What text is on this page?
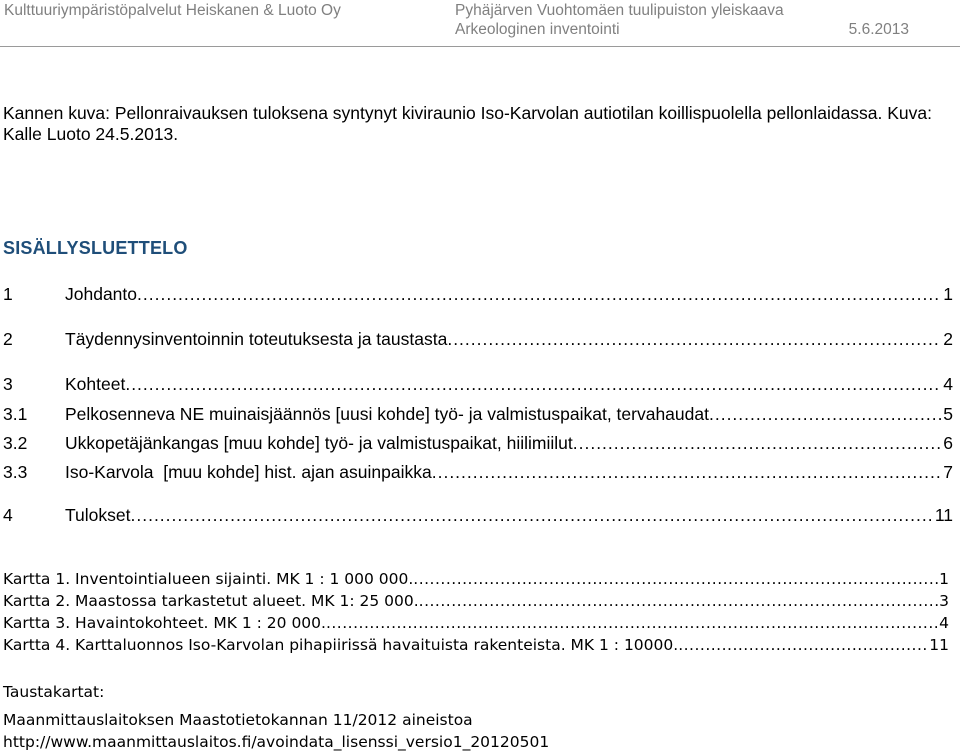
Kulttuuriympäristöpalvelut Heiskanen & Luoto Oy	Pyhäjärven Vuohtomäen tuulipuiston yleiskaava
Arkeologinen inventointi	5.6.2013
Kannen kuva: Pellonraivauksen tuloksena syntynyt kiviraunio Iso-Karvolan autiotilan koillispuolella pellonlaidassa. Kuva: Kalle Luoto 24.5.2013.
SISÄLLYSLUETTELO
1	Johdanto .....	1
2	Täydennysinventoinnin toteutuksesta ja taustasta .....	2
3	Kohteet .....	4
3.1	Pelkosenneva NE muinaisjäännös [uusi kohde] työ- ja valmistuspaikat, tervahaudat .....	5
3.2	Ukkopetäjänkangas [muu kohde] työ- ja valmistuspaikat, hiilimiilut .....	6
3.3	Iso-Karvola  [muu kohde] hist. ajan asuinpaikka .....	7
4	Tulokset .....	11
Kartta 1. Inventointialueen sijainti. MK 1 : 1 000 000. .....	1
Kartta 2. Maastossa tarkastetut alueet. MK 1: 25 000. .....	3
Kartta 3. Havaintokohteet. MK 1 : 20 000. .....	4
Kartta 4. Karttaluonnos Iso-Karvolan pihapiirissä havaituista rakenteista. MK 1 : 10000. .....	11
Taustakartat:
Maanmittauslaitoksen Maastotietokannan 11/2012 aineistoa
http://www.maanmittauslaitos.fi/avoindata_lisenssi_versio1_20120501
